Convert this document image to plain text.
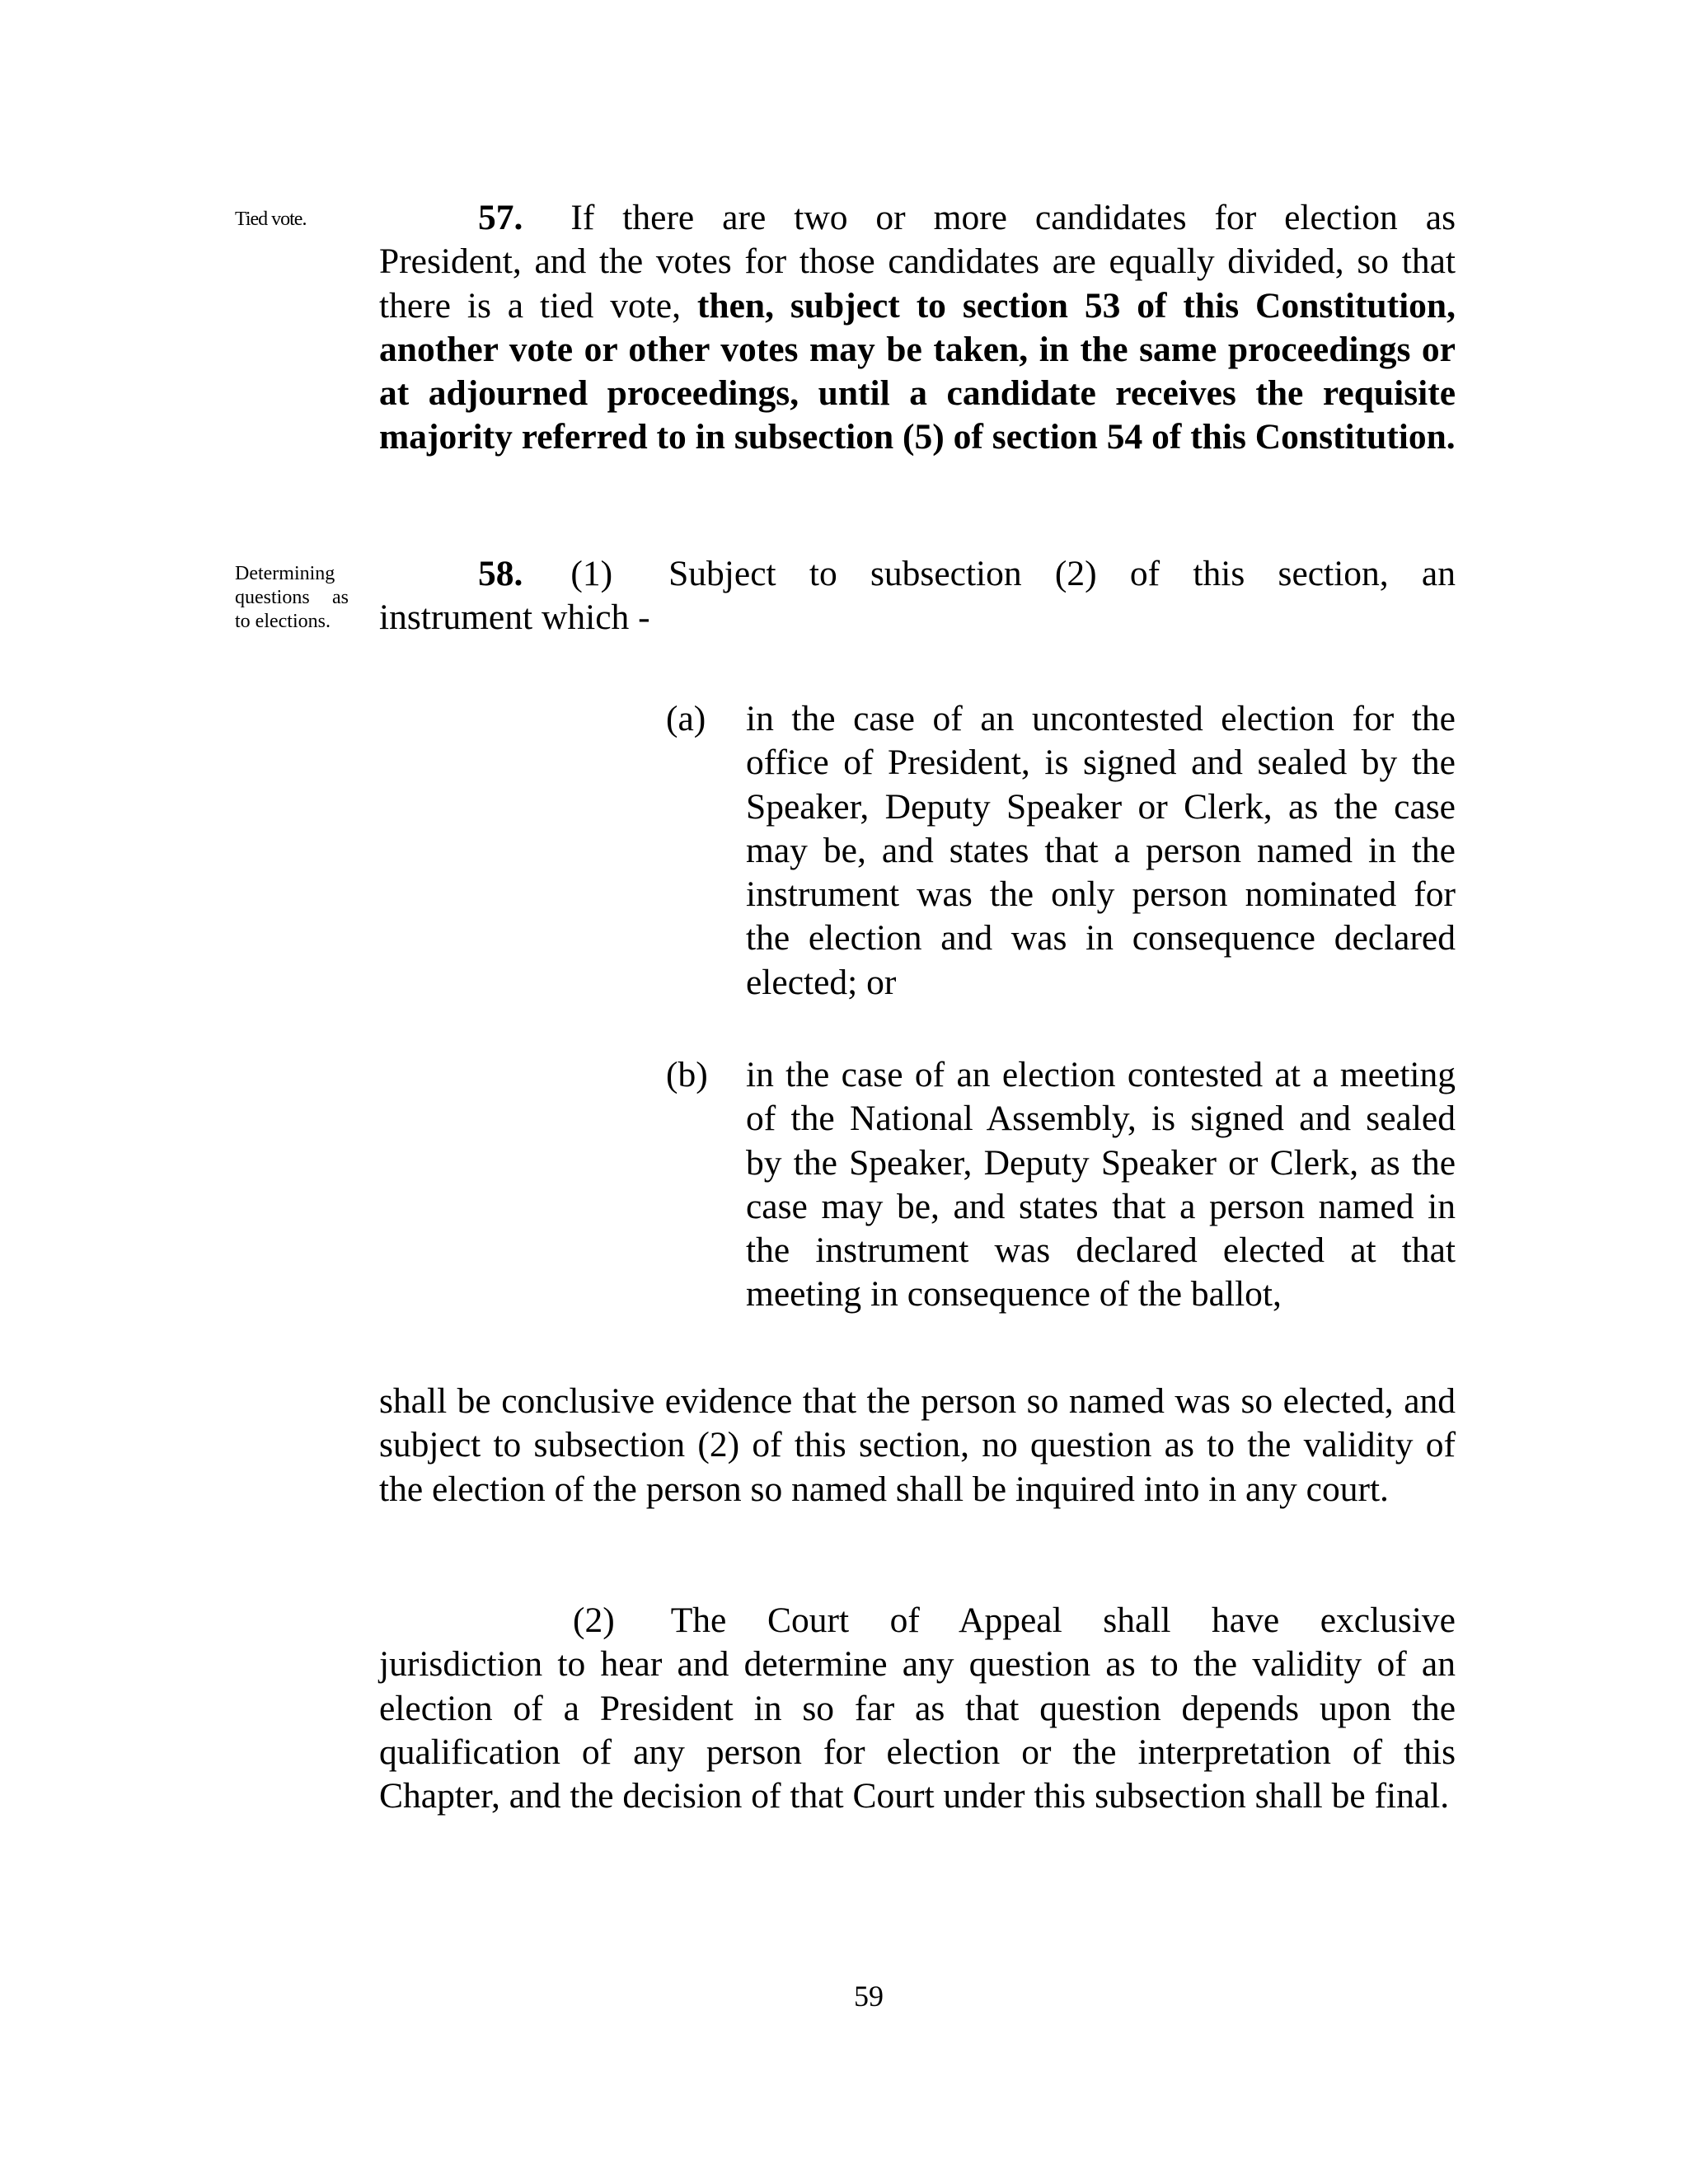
Tied vote.
Determining questions as to elections.
57. If there are two or more candidates for election as
President, and the votes for those candidates are equally divided, so that there is a tied vote, then, subject to section 53 of this Constitution, another vote or other votes may be taken, in the same proceedings or at adjourned proceedings, until a candidate receives the requisite majority referred to in subsection (5) of section 54 of this Constitution.
58. (1) Subject to subsection (2) of this section, an
instrument which -
(a)	in the case of an uncontested election for the office of President, is signed and sealed by the Speaker, Deputy Speaker or Clerk, as the case may be, and states that a person named in the instrument was the only person nominated for the election and was in consequence declared elected; or
(b)	in the case of an election contested at a meeting of the National Assembly, is signed and sealed by the Speaker, Deputy Speaker or Clerk, as the case may be, and states that a person named in the instrument was declared elected at that meeting in consequence of the ballot,
shall be conclusive evidence that the person so named was so elected, and subject to subsection (2) of this section, no question as to the validity of the election of the person so named shall be inquired into in any court.
(2) The Court of Appeal shall have exclusive
jurisdiction to hear and determine any question as to the validity of an election of a President in so far as that question depends upon the qualification of any person for election or the interpretation of this Chapter, and the decision of that Court under this subsection shall be final.
59
